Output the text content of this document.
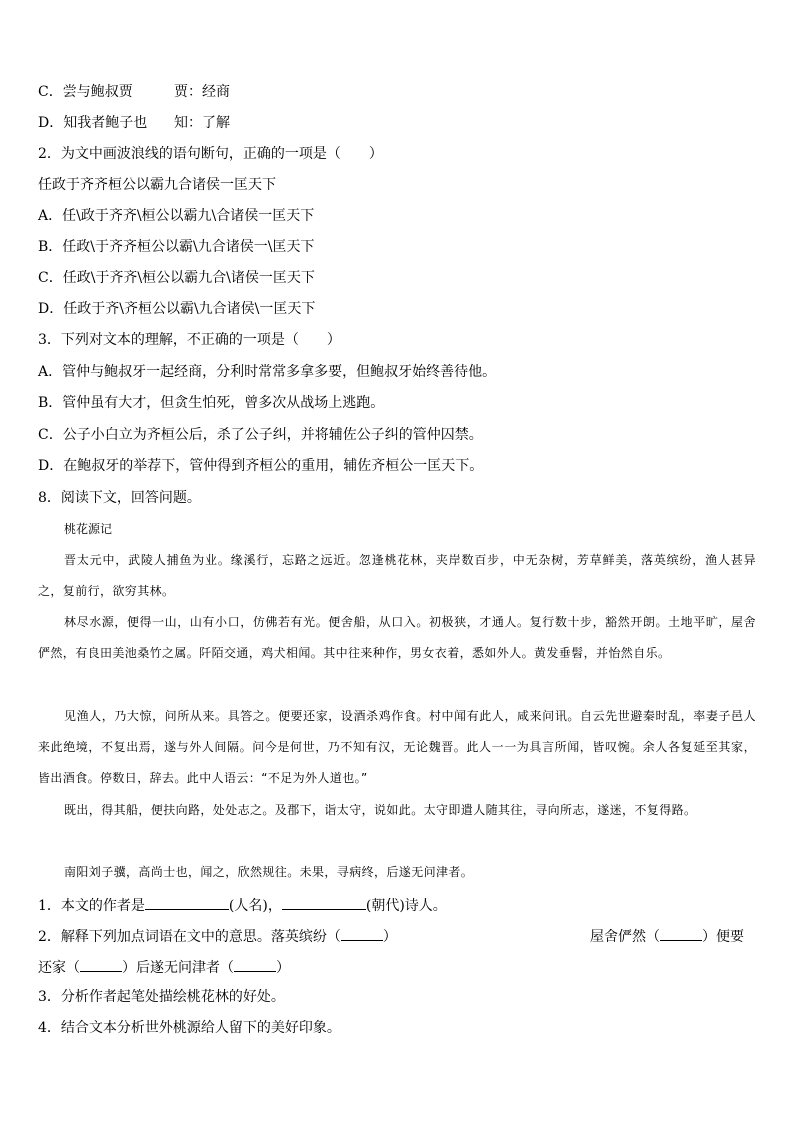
C．尝与鲍叔贾	贾：经商
D．知我者鲍子也 知：了解
2．为文中画波浪线的语句断句，正确的一项是（　　）
任政于齐齐桓公以霸九合诸侯一匡天下
A．任\政于齐齐\桓公以霸九\合诸侯一匡天下
B．任政\于齐齐桓公以霸\九合诸侯一\匡天下
C．任政\于齐齐\桓公以霸九合\诸侯一匡天下
D．任政于齐\齐桓公以霸\九合诸侯\一匡天下
3．下列对文本的理解，不正确的一项是（　　）
A．管仲与鲍叔牙一起经商，分利时常常多拿多要，但鲍叔牙始终善待他。
B．管仲虽有大才，但贪生怕死，曾多次从战场上逃跑。
C．公子小白立为齐桓公后，杀了公子纠，并将辅佐公子纠的管仲囚禁。
D．在鲍叔牙的举荐下，管仲得到齐桓公的重用，辅佐齐桓公一匡天下。
8．阅读下文，回答问题。
桃花源记
晋太元中，武陵人捕鱼为业。缘溪行，忘路之远近。忽逢桃花林，夹岸数百步，中无杂树，芳草鲜美，落英缤纷，渔人甚异之，复前行，欲穷其林。
林尽水源，便得一山，山有小口，仿佛若有光。便舍船，从口入。初极狭，才通人。复行数十步，豁然开朗。土地平旷，屋舍俨然，有良田美池桑竹之属。阡陌交通，鸡犬相闻。其中往来种作，男女衣着，悉如外人。黄发垂髫，并怡然自乐。
见渔人，乃大惊，问所从来。具答之。便要还家，设酒杀鸡作食。村中闻有此人，咸来问讯。自云先世避秦时乱，率妻子邑人来此绝境，不复出焉，遂与外人间隔。问今是何世，乃不知有汉，无论魏晋。此人一一为具言所闻，皆叹惋。余人各复延至其家，皆出酒食。停数日，辞去。此中人语云：“不足为外人道也。”
既出，得其船，便扶向路，处处志之。及郡下，诣太守，说如此。太守即遣人随其往，寻向所志，遂迷，不复得路。
南阳刘子骥，高尚士也，闻之，欣然规往。未果，寻病终，后遂无问津者。
1．本文的作者是	(人名)，	(朝代)诗人。
2．解释下列加点词语在文中的意思。落英缤纷（	）	屋舍俨然（	）便要
还家（	）后遂无问津者（	）
3．分析作者起笔处描绘桃花林的好处。
4．结合文本分析世外桃源给人留下的美好印象。
